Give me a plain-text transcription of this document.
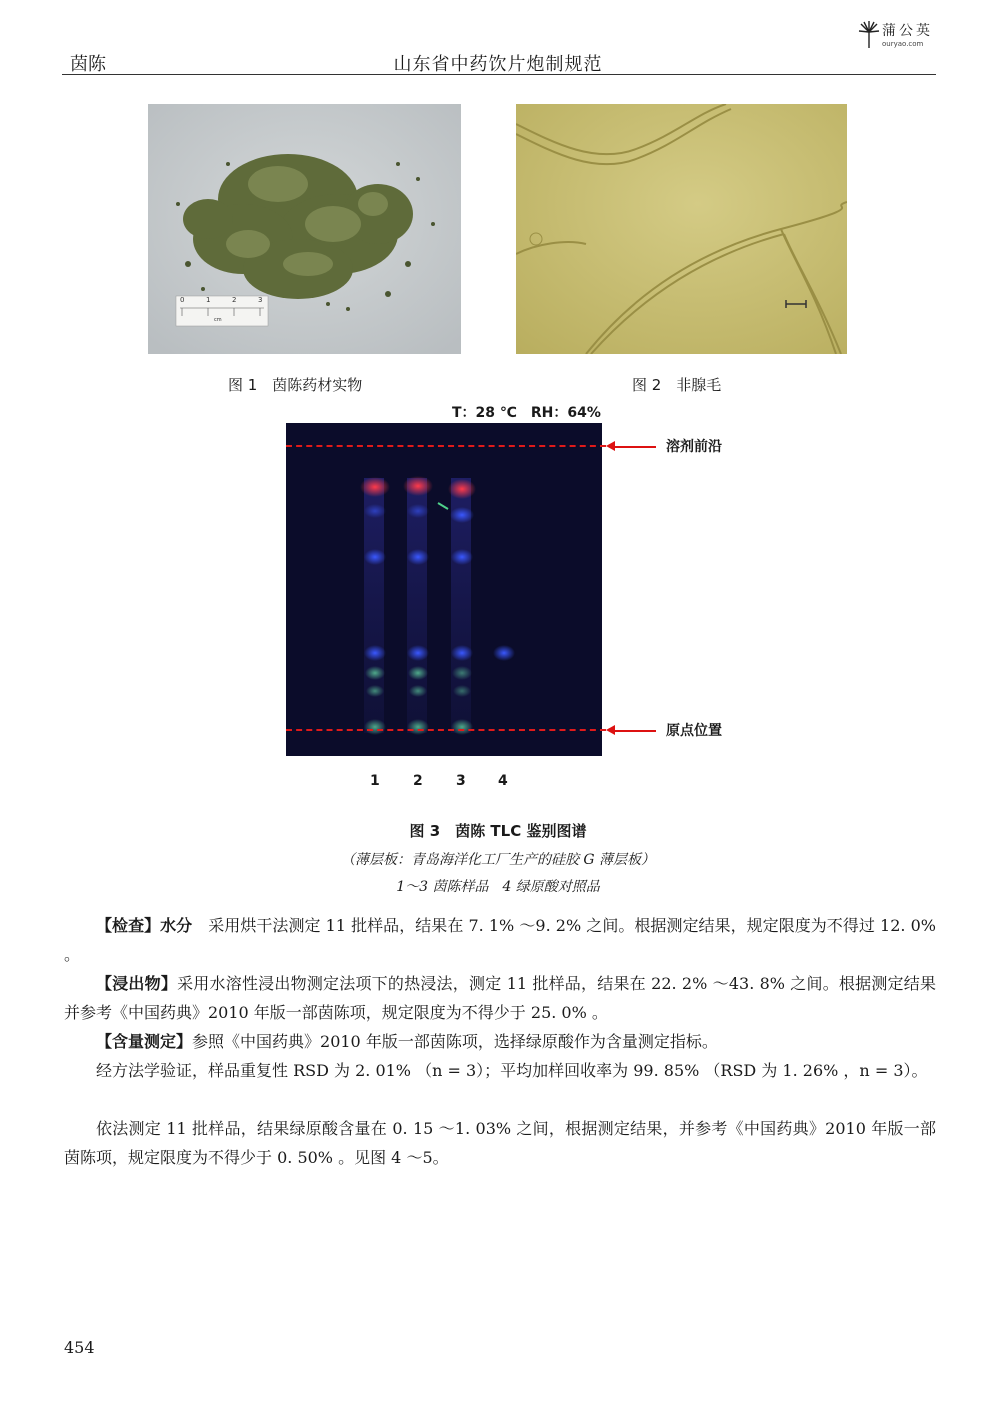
茵陈	山东省中药饮片炮制规范
蒲公英
ouryao.com
0	1	2	3
cm
图 1　茵陈药材实物	图 2　非腺毛
T：28 ℃　RH：64%
溶剂前沿
原点位置
1 2 3 4
图 3　茵陈 TLC 鉴别图谱
（薄层板：青岛海洋化工厂生产的硅胶 G 薄层板）
1～3 茵陈样品　4 绿原酸对照品
【检查】水分　 采用烘干法测定 11 批样品，结果在 7. 1% ～9. 2% 之间。根据测定结果，规定限度为不得过 12. 0% 。
【浸出物】采用水溶性浸出物测定法项下的热浸法，测定 11 批样品，结果在 22. 2% ～43. 8% 之间。根据测定结果并参考《中国药典》2010 年版一部茵陈项，规定限度为不得少于 25. 0% 。
【含量测定】参照《中国药典》2010 年版一部茵陈项，选择绿原酸作为含量测定指标。
经方法学验证，样品重复性 RSD 为 2. 01% （n = 3）；平均加样回收率为 99. 85% （RSD 为 1. 26% ，n = 3）。
依法测定 11 批样品，结果绿原酸含量在 0. 15 ～1. 03% 之间，根据测定结果，并参考《中国药典》2010 年版一部茵陈项，规定限度为不得少于 0. 50% 。见图 4 ～5。
454
